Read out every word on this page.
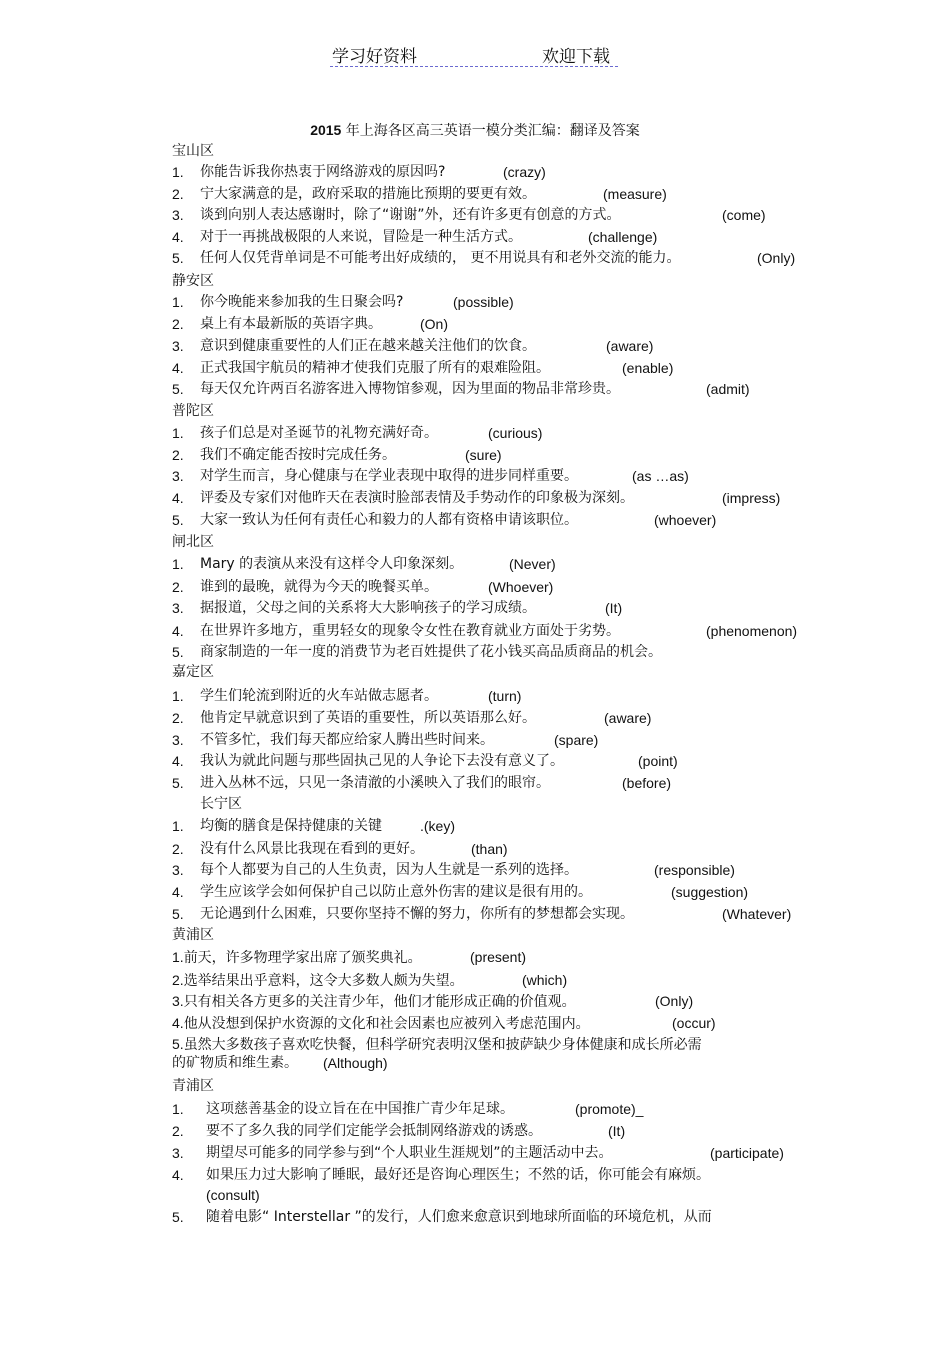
学习好资料	欢迎下载
2015 年上海各区高三英语一模分类汇编：翻译及答案
宝山区
1. 你能告诉我你热衷于网络游戏的原因吗?	(crazy)
2. 宁大家满意的是，政府采取的措施比预期的要更有效。	(measure)
3. 谈到向别人表达感谢时，除了“谢谢”外，还有许多更有创意的方式。	(come)
4. 对于一再挑战极限的人来说，冒险是一种生活方式。	(challenge)
5. 任何人仅凭背单词是不可能考出好成绩的， 更不用说具有和老外交流的能力。	(Only)
静安区
1. 你今晚能来参加我的生日聚会吗?	(possible)
2. 桌上有本最新版的英语字典。	(On)
3. 意识到健康重要性的人们正在越来越关注他们的饮食。	(aware)
4. 正式我国宇航员的精神才使我们克服了所有的艰难险阻。	(enable)
5. 每天仅允许两百名游客进入博物馆参观，因为里面的物品非常珍贵。	(admit)
普陀区
1. 孩子们总是对圣诞节的礼物充满好奇。	(curious)
2. 我们不确定能否按时完成任务。	(sure)
3. 对学生而言，身心健康与在学业表现中取得的进步同样重要。	(as …as)
4. 评委及专家们对他昨天在表演时脸部表情及手势动作的印象极为深刻。	(impress)
5. 大家一致认为任何有责任心和毅力的人都有资格申请该职位。	(whoever)
闸北区
1. Mary 的表演从来没有这样令人印象深刻。	(Never)
2. 谁到的最晚，就得为今天的晚餐买单。	(Whoever)
3. 据报道，父母之间的关系将大大影响孩子的学习成绩。	(It)
4. 在世界许多地方，重男轻女的现象令女性在教育就业方面处于劣势。	(phenomenon)
5. 商家制造的一年一度的消费节为老百姓提供了花小钱买高品质商品的机会。
嘉定区
1. 学生们轮流到附近的火车站做志愿者。	(turn)
2. 他肯定早就意识到了英语的重要性，所以英语那么好。	(aware)
3. 不管多忙，我们每天都应给家人腾出些时间来。	(spare)
4. 我认为就此问题与那些固执己见的人争论下去没有意义了。	(point)
5. 进入丛林不远，只见一条清澈的小溪映入了我们的眼帘。	(before)
长宁区
1. 均衡的膳食是保持健康的关键	.(key)
2. 没有什么风景比我现在看到的更好。	(than)
3. 每个人都要为自己的人生负责，因为人生就是一系列的选择。	(responsible)
4. 学生应该学会如何保护自己以防止意外伤害的建议是很有用的。	(suggestion)
5. 无论遇到什么困难，只要你坚持不懈的努力，你所有的梦想都会实现。	(Whatever)
黄浦区
1.前天，许多物理学家出席了颁奖典礼。	(present)
2.选举结果出乎意料，这令大多数人颇为失望。	(which)
3.只有相关各方更多的关注青少年，他们才能形成正确的价值观。	(Only)
4.他从没想到保护水资源的文化和社会因素也应被列入考虑范围内。	(occur)
5.虽然大多数孩子喜欢吃快餐，但科学研究表明汉堡和披萨缺少身体健康和成长所必需
的矿物质和维生素。 (Although)
青浦区
1. 这项慈善基金的设立旨在在中国推广青少年足球。	(promote)_
2. 要不了多久我的同学们定能学会抵制网络游戏的诱惑。	(It)
3. 期望尽可能多的同学参与到“个人职业生涯规划”的主题活动中去。	(participate)
4. 如果压力过大影响了睡眠，最好还是咨询心理医生；不然的话，你可能会有麻烦。
(consult)
5. 随着电影“ Interstellar ”的发行，人们愈来愈意识到地球所面临的环境危机，从而
